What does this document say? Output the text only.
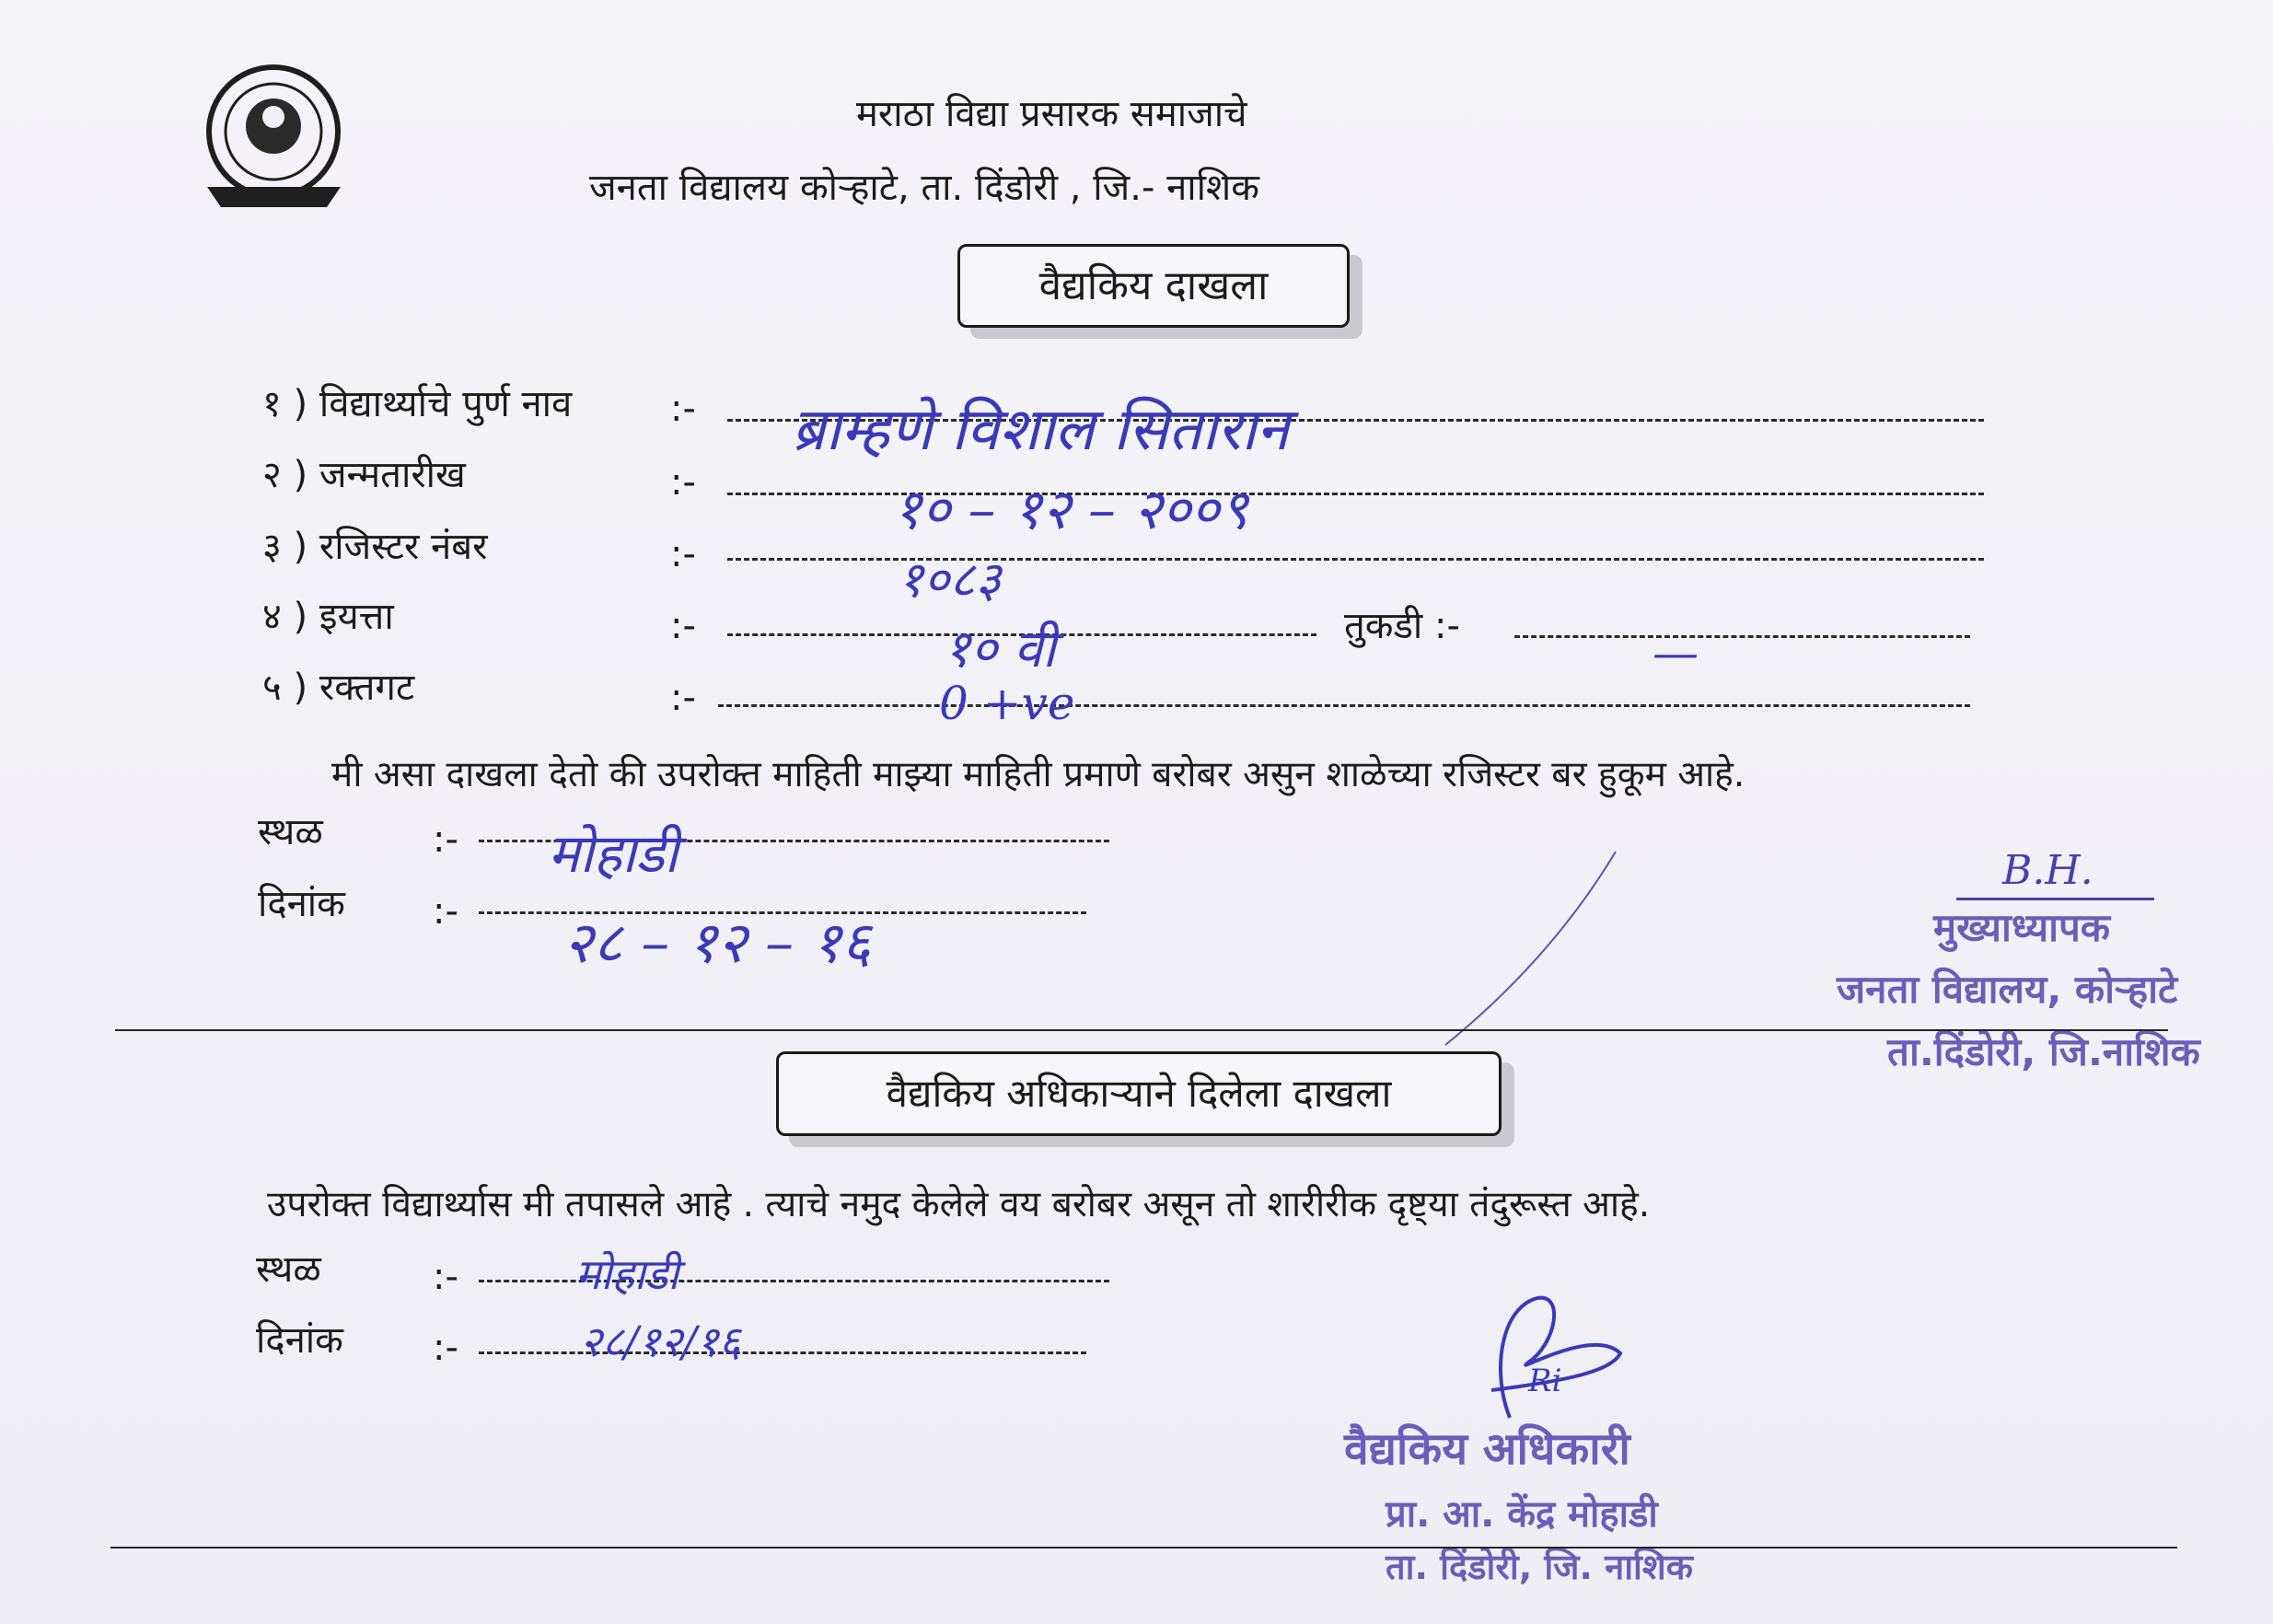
मराठा विद्या प्रसारक समाजाचे
जनता विद्यालय कोऱ्हाटे, ता. दिंडोरी , जि.- नाशिक
वैद्यकिय दाखला
१ ) विद्यार्थ्याचे पुर्ण नाव	:- ब्राम्हणे विशाल सितारान
२ ) जन्मतारीख	:-	१० – १२ – २००९
३ ) रजिस्टर नंबर	:-	१०८३
४ ) इयत्ता	:-	१० वी	तुकडी :-	—
५ ) रक्तगट	:-	0 +ve
मी असा दाखला देतो की उपरोक्त माहिती माझ्या माहिती प्रमाणे बरोबर असुन शाळेच्या रजिस्टर बर हुकूम आहे.
स्थळ	:- मोहाडी
दिनांक :- २८ – १२ – १६
B.H.
मुख्याध्यापक
जनता विद्यालय, कोऱ्हाटे
ता.दिंडोरी, जि.नाशिक
वैद्यकिय अधिकाऱ्याने दिलेला दाखला
उपरोक्त विद्यार्थ्यास मी तपासले आहे . त्याचे नमुद केलेले वय बरोबर असून तो शारीरीक दृष्ट्या तंदुरूस्त आहे.
स्थळ	:-	मोहाडी
दिनांक :-	२८/१२/१६
Ri
वैद्यकिय अधिकारी
प्रा. आ. केंद्र मोहाडी
ता. दिंडोरी, जि. नाशिक
